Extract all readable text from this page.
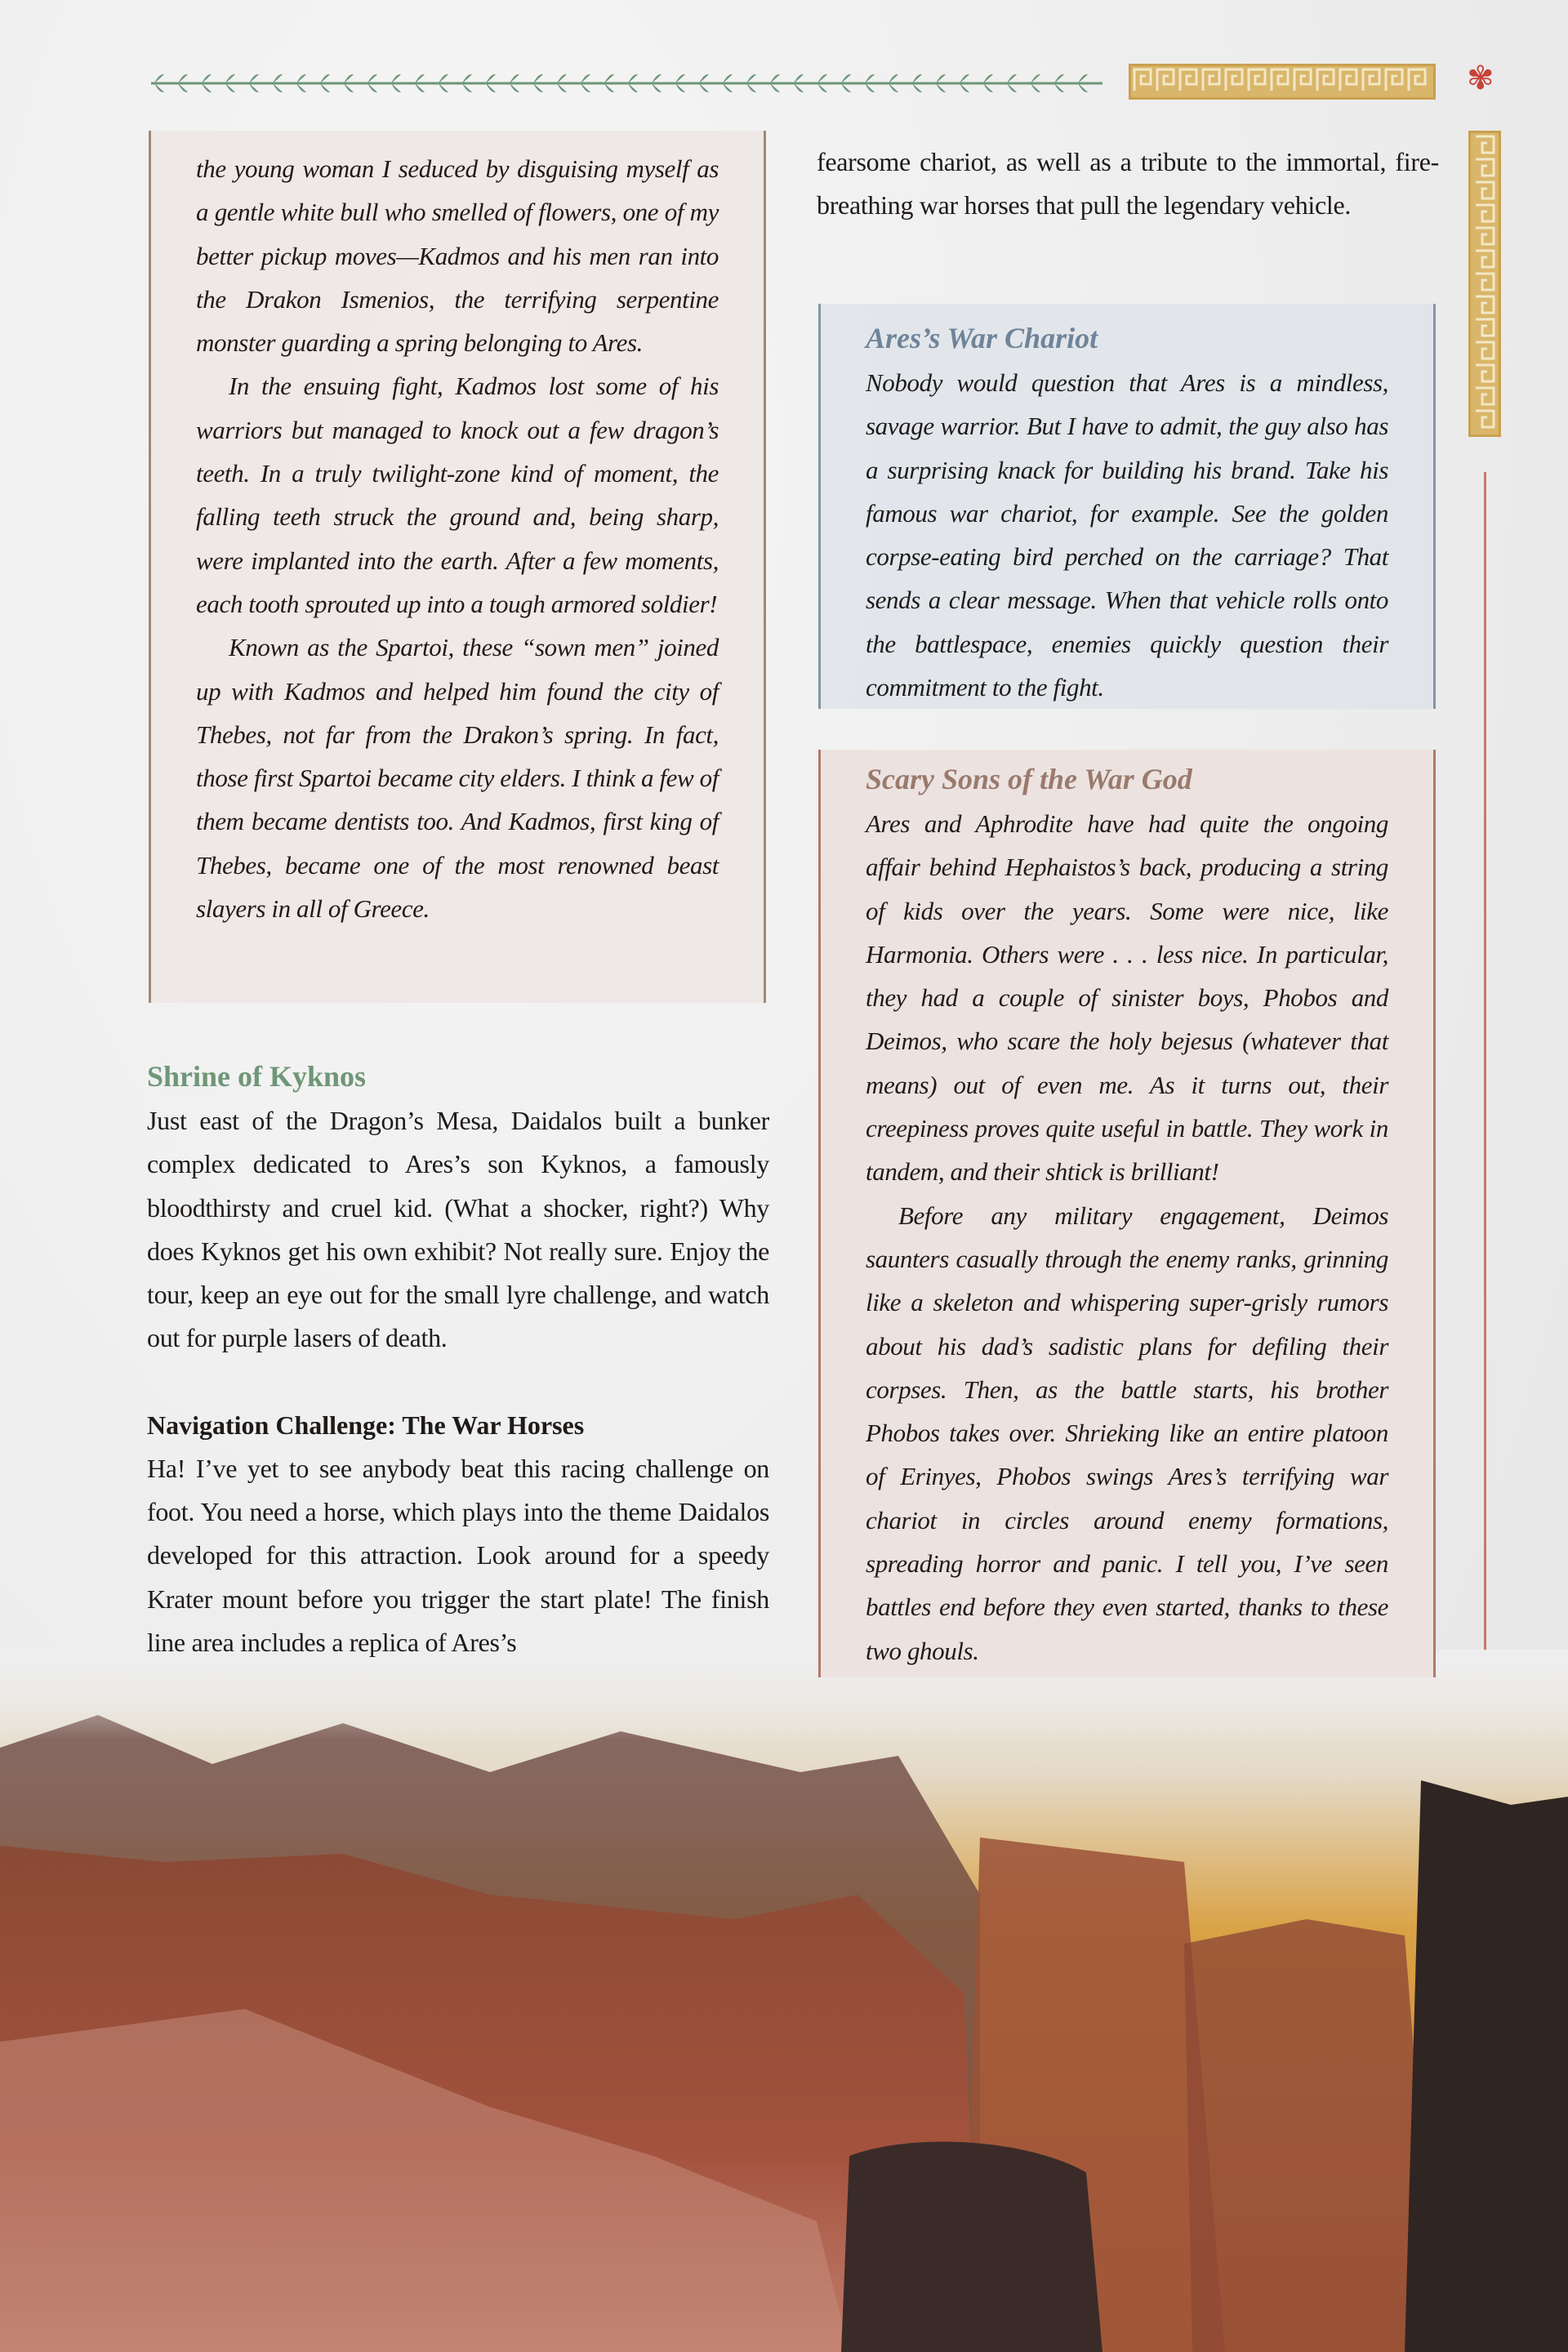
✾

the young woman I seduced by disguising myself as a gentle white bull who smelled of flowers, one of my better pickup moves—Kadmos and his men ran into the Drakon Ismenios, the terrifying serpentine monster guarding a spring belonging to Ares.

In the ensuing fight, Kadmos lost some of his warriors but managed to knock out a few dragon’s teeth. In a truly twilight-zone kind of moment, the falling teeth struck the ground and, being sharp, were implanted into the earth. After a few moments, each tooth sprouted up into a tough armored soldier!

Known as the Spartoi, these “sown men” joined up with Kadmos and helped him found the city of Thebes, not far from the Drakon’s spring. In fact, those first Spartoi became city elders. I think a few of them became dentists too. And Kadmos, first king of Thebes, became one of the most renowned beast slayers in all of Greece.

Shrine of Kyknos

Just east of the Dragon’s Mesa, Daidalos built a bunker complex dedicated to Ares’s son Kyknos, a famously bloodthirsty and cruel kid. (What a shocker, right?) Why does Kyknos get his own exhibit? Not really sure. Enjoy the tour, keep an eye out for the small lyre challenge, and watch out for purple lasers of death.

Navigation Challenge: The War Horses

Ha! I’ve yet to see anybody beat this racing challenge on foot. You need a horse, which plays into the theme Daidalos developed for this attraction. Look around for a speedy Krater mount before you trigger the start plate! The finish line area includes a replica of Ares’s

fearsome chariot, as well as a tribute to the immortal, fire-breathing war horses that pull the legendary vehicle.

Ares’s War Chariot

Nobody would question that Ares is a mindless, savage warrior. But I have to admit, the guy also has a surprising knack for building his brand. Take his famous war chariot, for example. See the golden corpse-eating bird perched on the carriage? That sends a clear message. When that vehicle rolls onto the battlespace, enemies quickly question their commitment to the fight.

Scary Sons of the War God

Ares and Aphrodite have had quite the ongoing affair behind Hephaistos’s back, producing a string of kids over the years. Some were nice, like Harmonia. Others were . . . less nice. In particular, they had a couple of sinister boys, Phobos and Deimos, who scare the holy bejesus (whatever that means) out of even me. As it turns out, their creepiness proves quite useful in battle. They work in tandem, and their shtick is brilliant!

Before any military engagement, Deimos saunters casually through the enemy ranks, grinning like a skeleton and whispering super-grisly rumors about his dad’s sadistic plans for defiling their corpses. Then, as the battle starts, his brother Phobos takes over. Shrieking like an entire platoon of Erinyes, Phobos swings Ares’s terrifying war chariot in circles around enemy formations, spreading horror and panic. I tell you, I’ve seen battles end before they even started, thanks to these two ghouls.
